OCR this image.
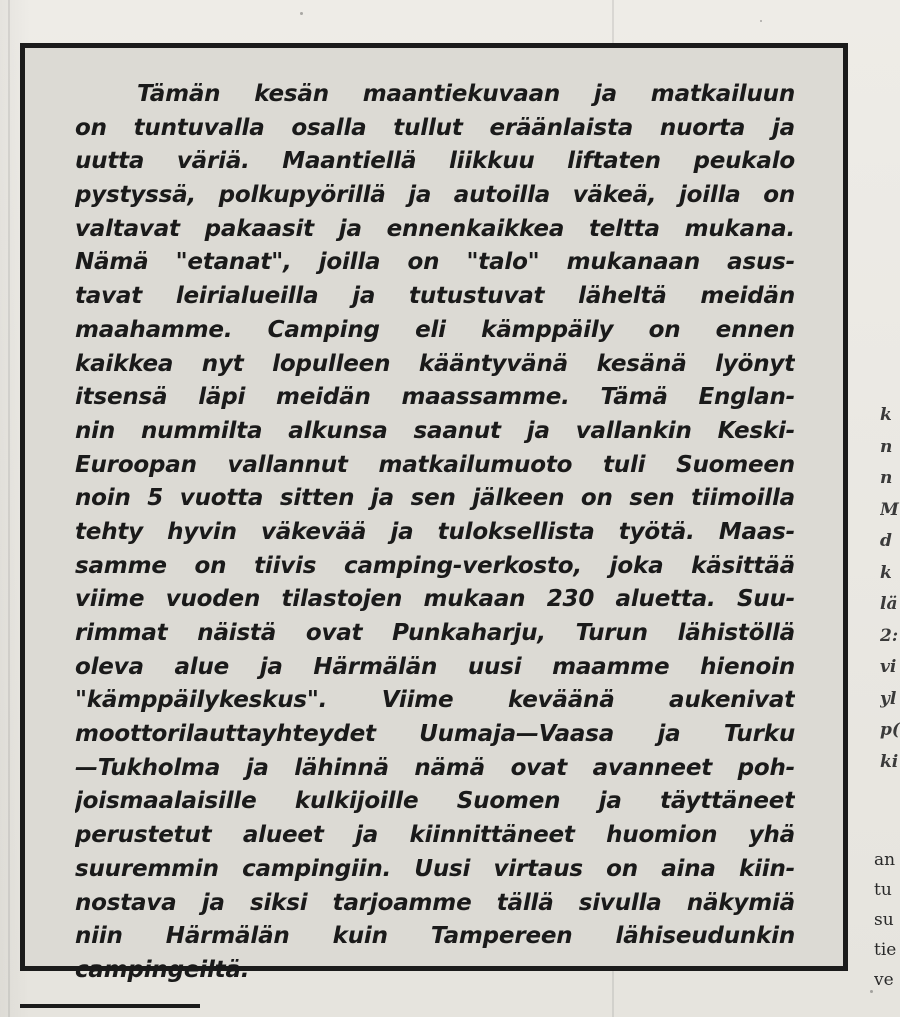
Tämän kesän maantiekuvaan ja matkailuun
on tuntuvalla osalla tullut eräänlaista nuorta ja
uutta väriä. Maantiellä liikkuu liftaten peukalo
pystyssä, polkupyörillä ja autoilla väkeä, joilla on
valtavat pakaasit ja ennenkaikkea teltta mukana.
Nämä "etanat", joilla on "talo" mukanaan asus-
tavat leirialueilla ja tutustuvat läheltä meidän
maahamme. Camping eli kämppäily on ennen
kaikkea nyt lopulleen kääntyvänä kesänä lyönyt
itsensä läpi meidän maassamme. Tämä Englan-
nin nummilta alkunsa saanut ja vallankin Keski-
Euroopan vallannut matkailumuoto tuli Suomeen
noin 5 vuotta sitten ja sen jälkeen on sen tiimoilla
tehty hyvin väkevää ja tuloksellista työtä. Maas-
samme on tiivis camping-verkosto, joka käsittää
viime vuoden tilastojen mukaan 230 aluetta. Suu-
rimmat näistä ovat Punkaharju, Turun lähistöllä
oleva alue ja Härmälän uusi maamme hienoin
"kämppäilykeskus". Viime keväänä aukenivat
moottorilauttayhteydet Uumaja—Vaasa ja Turku
—Tukholma ja lähinnä nämä ovat avanneet poh-
joismaalaisille kulkijoille Suomen ja täyttäneet
perustetut alueet ja kiinnittäneet huomion yhä
suuremmin campingiin. Uusi virtaus on aina kiin-
nostava ja siksi tarjoamme tällä sivulla näkymiä
niin Härmälän kuin Tampereen lähiseudunkin
campingeiltä.
k
n
n
M
d
k
lä
2:
vi
yl
p(
ki
an
tu
su
tie
ve
